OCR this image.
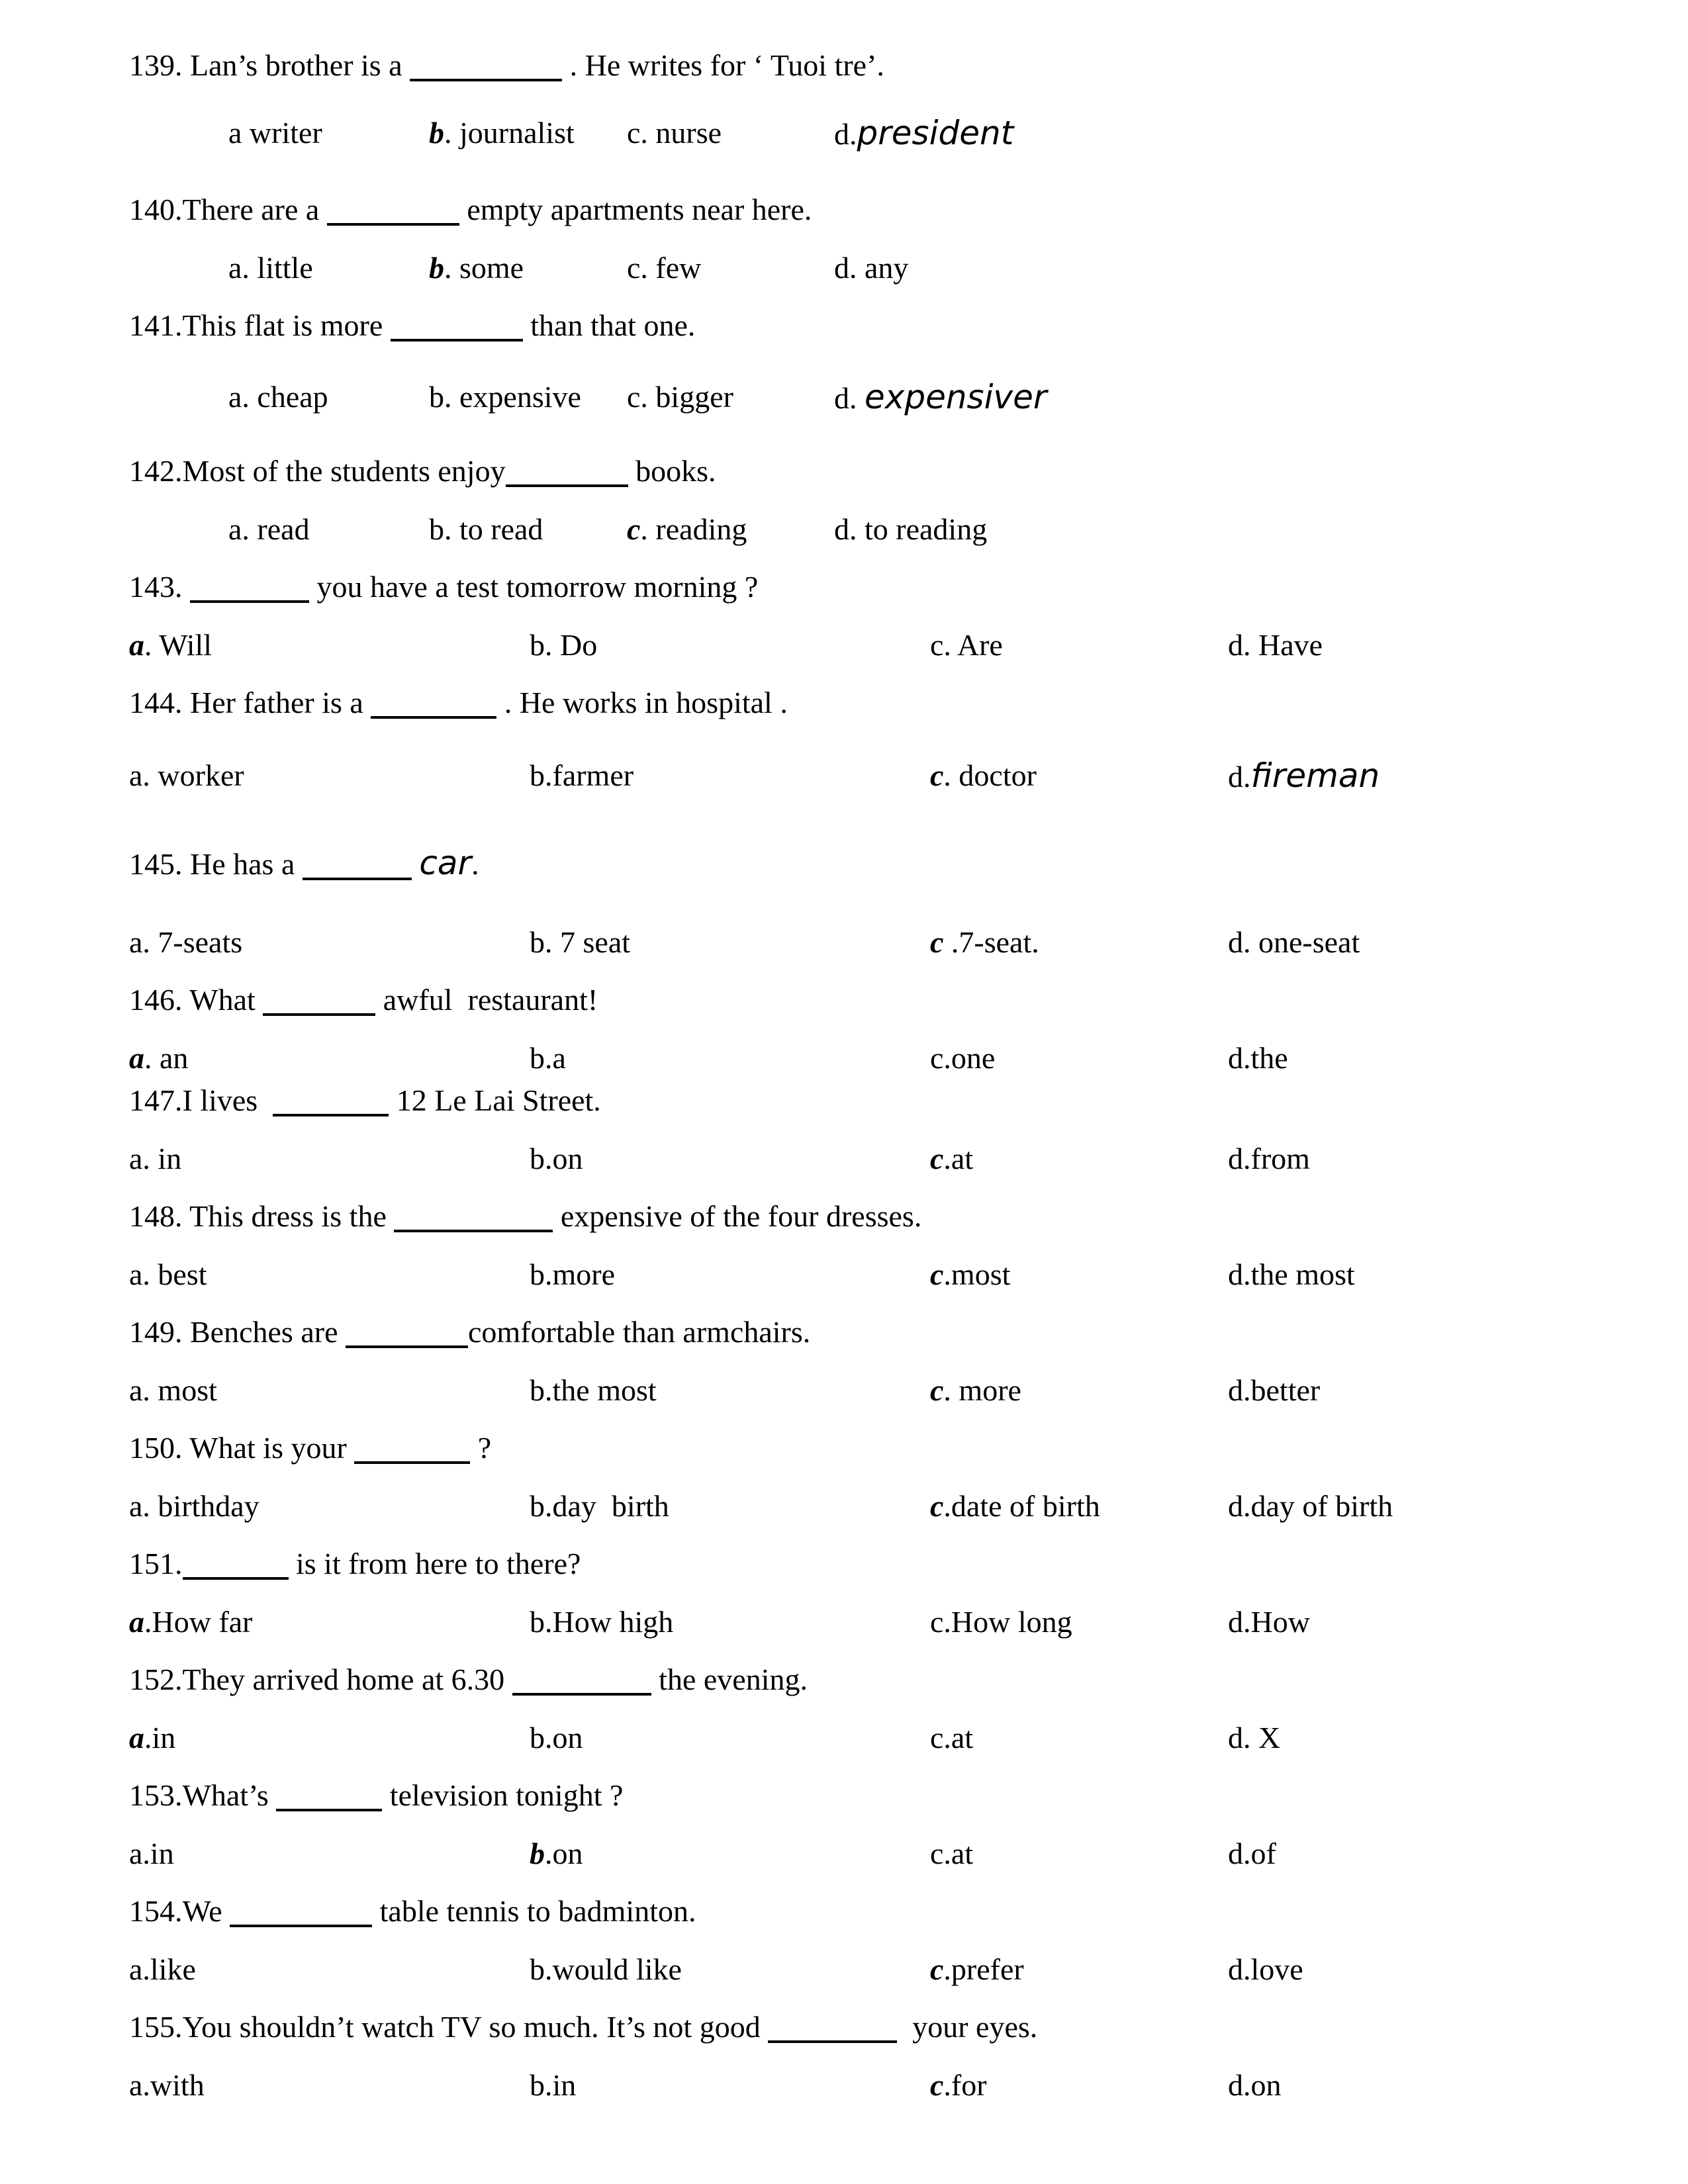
139. Lan’s brother is a	. He writes for ‘ Tuoi tre’.

a writer	b. journalist	c. nurse	d.president

140.There are a	empty apartments near here.

a. little	b. some	c. few	d. any

141.This flat is more	than that one.

a. cheap	b. expensive	c. bigger	d. expensiver

142.Most of the students enjoy	books.

a. read	b. to read	c. reading	d. to reading

143.	you have a test tomorrow morning ?

a. Will	b. Do	c. Are	d. Have

144. Her father is a	. He works in hospital .

a. worker	b.farmer	c. doctor	d.fireman

145. He has a	car.

a. 7-seats	b. 7 seat	c .7-seat.	d. one-seat

146. What	awful  restaurant!

a. an	b.a	c.one	d.the

147.I lives	12 Le Lai Street.

a. in	b.on	c.at	d.from

148. This dress is the	expensive of the four dresses.

a. best	b.more	c.most	d.the most

149. Benches are	comfortable than armchairs.

a. most	b.the most	c. more	d.better

150. What is your	?

a. birthday	b.day  birth	c.date of birth	d.day of birth

151.	is it from here to there?

a.How far	b.How high	c.How long	d.How

152.They arrived home at 6.30	the evening.

a.in	b.on	c.at	d. X

153.What’s	television tonight ?

a.in	b.on	c.at	d.of

154.We	table tennis to badminton.

a.like	b.would like	c.prefer	d.love

155.You shouldn’t watch TV so much. It’s not good	your eyes.

a.with	b.in	c.for	d.on
